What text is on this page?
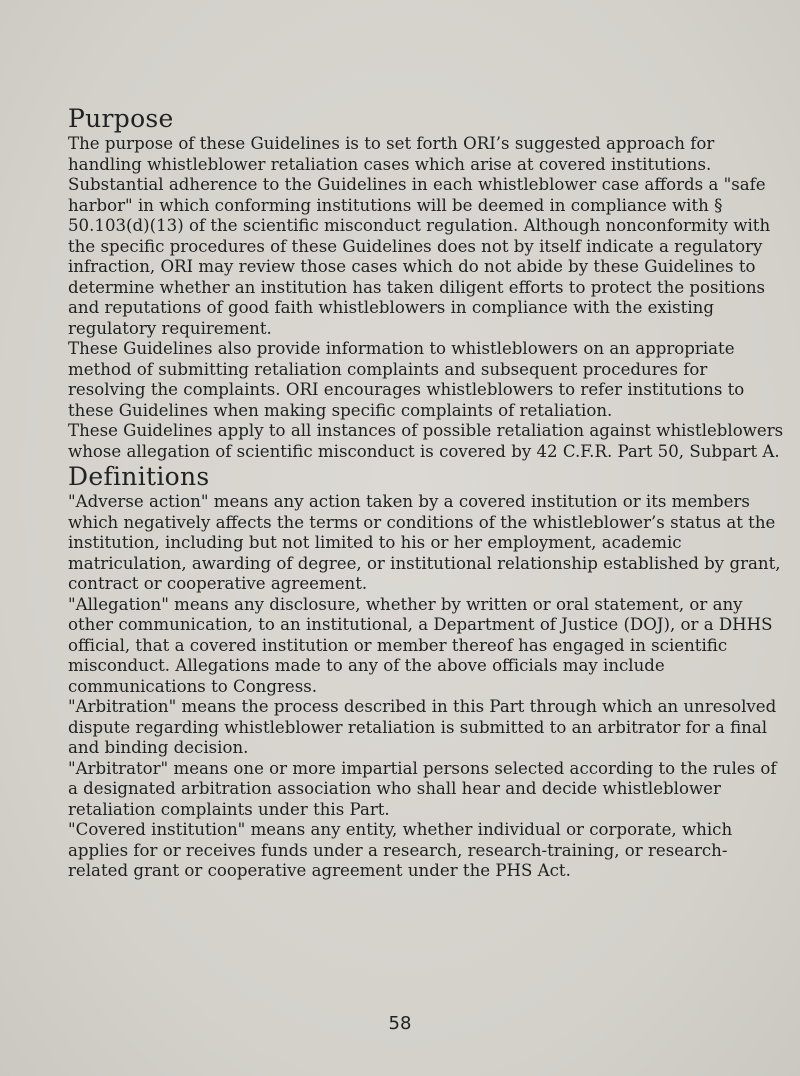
Purpose

The purpose of these Guidelines is to set forth ORI’s suggested approach for handling whistleblower retaliation cases which arise at covered institutions. Substantial adherence to the Guidelines in each whistleblower case affords a "safe harbor" in which conforming institutions will be deemed in compliance with § 50.103(d)(13) of the scientific misconduct regulation. Although nonconformity with the specific procedures of these Guidelines does not by itself indicate a regulatory infraction, ORI may review those cases which do not abide by these Guidelines to determine whether an institution has taken diligent efforts to protect the positions and reputations of good faith whistleblowers in compliance with the existing regulatory requirement.

These Guidelines also provide information to whistleblowers on an appropriate method of submitting retaliation complaints and subsequent procedures for resolving the complaints. ORI encourages whistleblowers to refer institutions to these Guidelines when making specific complaints of retaliation.

These Guidelines apply to all instances of possible retaliation against whistleblowers whose allegation of scientific misconduct is covered by 42 C.F.R. Part 50, Subpart A.

Definitions

"Adverse action" means any action taken by a covered institution or its members which negatively affects the terms or conditions of the whistleblower’s status at the institution, including but not limited to his or her employment, academic matriculation, awarding of degree, or institutional relationship established by grant, contract or cooperative agreement.

"Allegation" means any disclosure, whether by written or oral statement, or any other communication, to an institutional, a Department of Justice (DOJ), or a DHHS official, that a covered institution or member thereof has engaged in scientific misconduct. Allegations made to any of the above officials may include communications to Congress.

"Arbitration" means the process described in this Part through which an unresolved dispute regarding whistleblower retaliation is submitted to an arbitrator for a final and binding decision.

"Arbitrator" means one or more impartial persons selected according to the rules of a designated arbitration association who shall hear and decide whistleblower retaliation complaints under this Part.

"Covered institution" means any entity, whether individual or corporate, which applies for or receives funds under a research, research-training, or research-related grant or cooperative agreement under the PHS Act.

58
